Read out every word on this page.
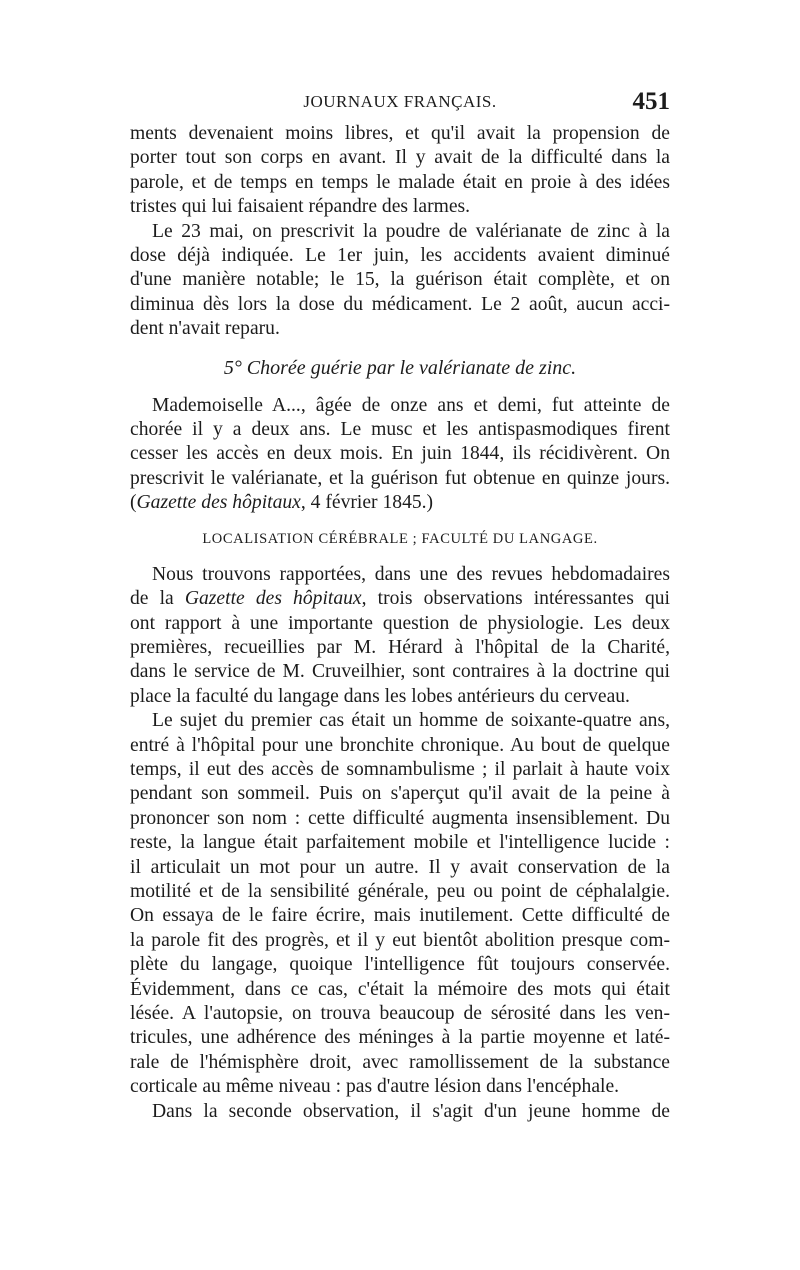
JOURNAUX FRANÇAIS.	451
ments devenaient moins libres, et qu'il avait la propension de
porter tout son corps en avant. Il y avait de la difficulté dans la
parole, et de temps en temps le malade était en proie à des idées
tristes qui lui faisaient répandre des larmes.
Le 23 mai, on prescrivit la poudre de valérianate de zinc à la
dose déjà indiquée. Le 1er juin, les accidents avaient diminué
d'une manière notable; le 15, la guérison était complète, et on
diminua dès lors la dose du médicament. Le 2 août, aucun acci-
dent n'avait reparu.
5° Chorée guérie par le valérianate de zinc.
Mademoiselle A..., âgée de onze ans et demi, fut atteinte de
chorée il y a deux ans. Le musc et les antispasmodiques firent
cesser les accès en deux mois. En juin 1844, ils récidivèrent. On
prescrivit le valérianate, et la guérison fut obtenue en quinze jours.
(Gazette des hôpitaux, 4 février 1845.)
LOCALISATION CÉRÉBRALE ; FACULTÉ DU LANGAGE.
Nous trouvons rapportées, dans une des revues hebdomadaires
de la Gazette des hôpitaux, trois observations intéressantes qui
ont rapport à une importante question de physiologie. Les deux
premières, recueillies par M. Hérard à l'hôpital de la Charité,
dans le service de M. Cruveilhier, sont contraires à la doctrine qui
place la faculté du langage dans les lobes antérieurs du cerveau.
Le sujet du premier cas était un homme de soixante-quatre ans,
entré à l'hôpital pour une bronchite chronique. Au bout de quelque
temps, il eut des accès de somnambulisme ; il parlait à haute voix
pendant son sommeil. Puis on s'aperçut qu'il avait de la peine à
prononcer son nom : cette difficulté augmenta insensiblement. Du
reste, la langue était parfaitement mobile et l'intelligence lucide :
il articulait un mot pour un autre. Il y avait conservation de la
motilité et de la sensibilité générale, peu ou point de céphalalgie.
On essaya de le faire écrire, mais inutilement. Cette difficulté de
la parole fit des progrès, et il y eut bientôt abolition presque com-
plète du langage, quoique l'intelligence fût toujours conservée.
Évidemment, dans ce cas, c'était la mémoire des mots qui était
lésée. A l'autopsie, on trouva beaucoup de sérosité dans les ven-
tricules, une adhérence des méninges à la partie moyenne et laté-
rale de l'hémisphère droit, avec ramollissement de la substance
corticale au même niveau : pas d'autre lésion dans l'encéphale.
Dans la seconde observation, il s'agit d'un jeune homme de
